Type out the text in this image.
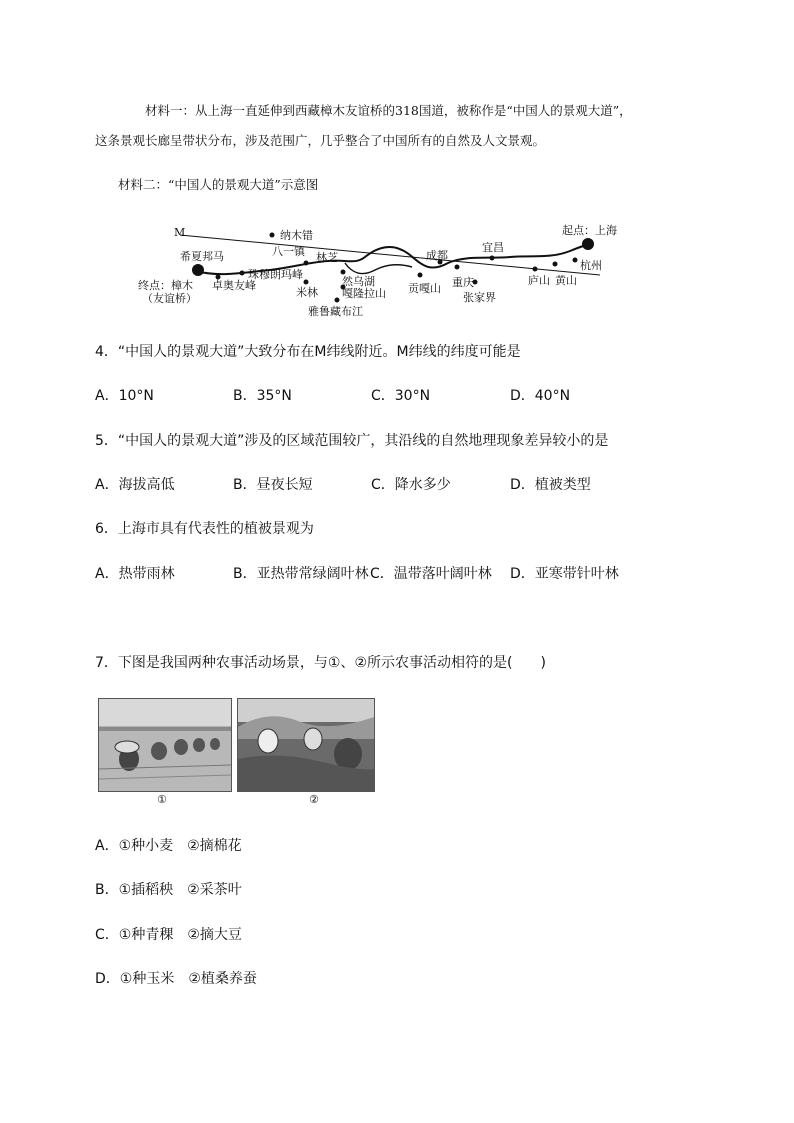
材料一：从上海一直延伸到西藏樟木友谊桥的318国道，被称作是“中国人的景观大道”，
这条景观长廊呈带状分布，涉及范围广，几乎整合了中国所有的自然及人文景观。
材料二：“中国人的景观大道”示意图
M	纳木错	起点：上海
希夏邦马	八一镇 林芝	成都
宜昌
珠穆朗玛峰
卓奥友峰
终点：樟木
（友谊桥）	米林
然乌湖
嘎隆拉山 贡嘎山 重庆
张家界
庐山 黄山
杭州
雅鲁藏布江
4．“中国人的景观大道”大致分布在M纬线附近。M纬线的纬度可能是
A．10°N	B．35°N	C．30°N	D．40°N
5．“中国人的景观大道”涉及的区域范围较广，其沿线的自然地理现象差异较小的是
A．海拔高低	B．昼夜长短	C．降水多少	D．植被类型
6．上海市具有代表性的植被景观为
A．热带雨林	B．亚热带常绿阔叶林 C．温带落叶阔叶林 D．亚寒带针叶林
7．下图是我国两种农事活动场景，与①、②所示农事活动相符的是(　　)
①	②
A．①种小麦　②摘棉花
B．①插稻秧　②采茶叶
C．①种青稞　②摘大豆
D．①种玉米　②植桑养蚕
